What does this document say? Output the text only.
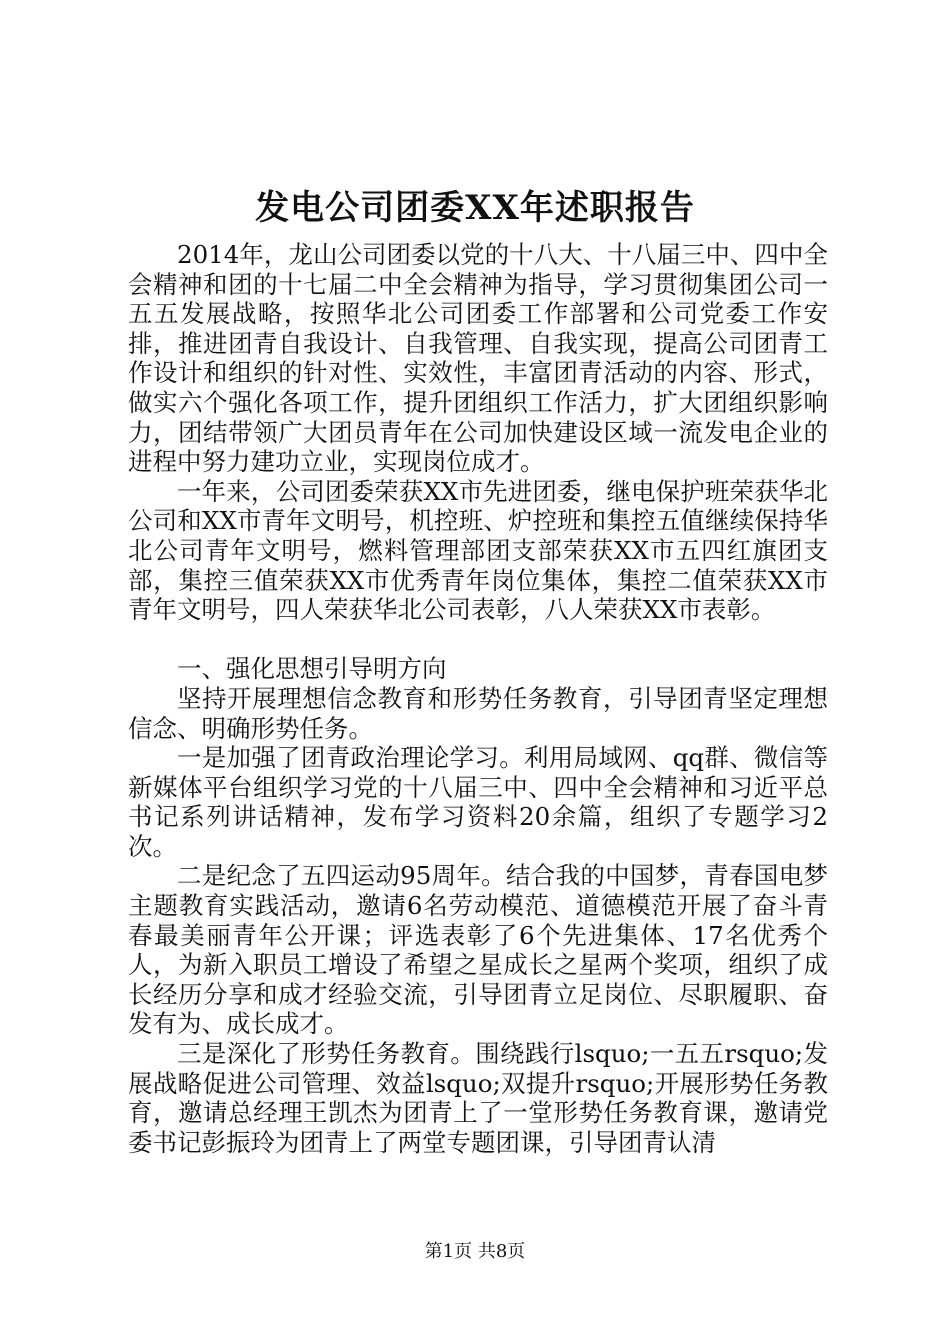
发电公司团委XX年述职报告

2014年，龙山公司团委以党的十八大、十八届三中、四中全会精神和团的十七届二中全会精神为指导，学习贯彻集团公司一五五发展战略，按照华北公司团委工作部署和公司党委工作安排，推进团青自我设计、自我管理、自我实现，提高公司团青工作设计和组织的针对性、实效性，丰富团青活动的内容、形式，做实六个强化各项工作，提升团组织工作活力，扩大团组织影响力，团结带领广大团员青年在公司加快建设区域一流发电企业的进程中努力建功立业，实现岗位成才。

一年来，公司团委荣获XX市先进团委，继电保护班荣获华北公司和XX市青年文明号，机控班、炉控班和集控五值继续保持华北公司青年文明号，燃料管理部团支部荣获XX市五四红旗团支部，集控三值荣获XX市优秀青年岗位集体，集控二值荣获XX市青年文明号，四人荣获华北公司表彰，八人荣获XX市表彰。

一、强化思想引导明方向

坚持开展理想信念教育和形势任务教育，引导团青坚定理想信念、明确形势任务。

一是加强了团青政治理论学习。利用局域网、qq群、微信等新媒体平台组织学习党的十八届三中、四中全会精神和习近平总书记系列讲话精神，发布学习资料20余篇，组织了专题学习2次。

二是纪念了五四运动95周年。结合我的中国梦，青春国电梦主题教育实践活动，邀请6名劳动模范、道德模范开展了奋斗青春最美丽青年公开课；评选表彰了6个先进集体、17名优秀个人，为新入职员工增设了希望之星成长之星两个奖项，组织了成长经历分享和成才经验交流，引导团青立足岗位、尽职履职、奋发有为、成长成才。

三是深化了形势任务教育。围绕践行lsquo;一五五rsquo;发展战略促进公司管理、效益lsquo;双提升rsquo;开展形势任务教育，邀请总经理王凯杰为团青上了一堂形势任务教育课，邀请党委书记彭振玲为团青上了两堂专题团课，引导团青认清

第1页 共8页
